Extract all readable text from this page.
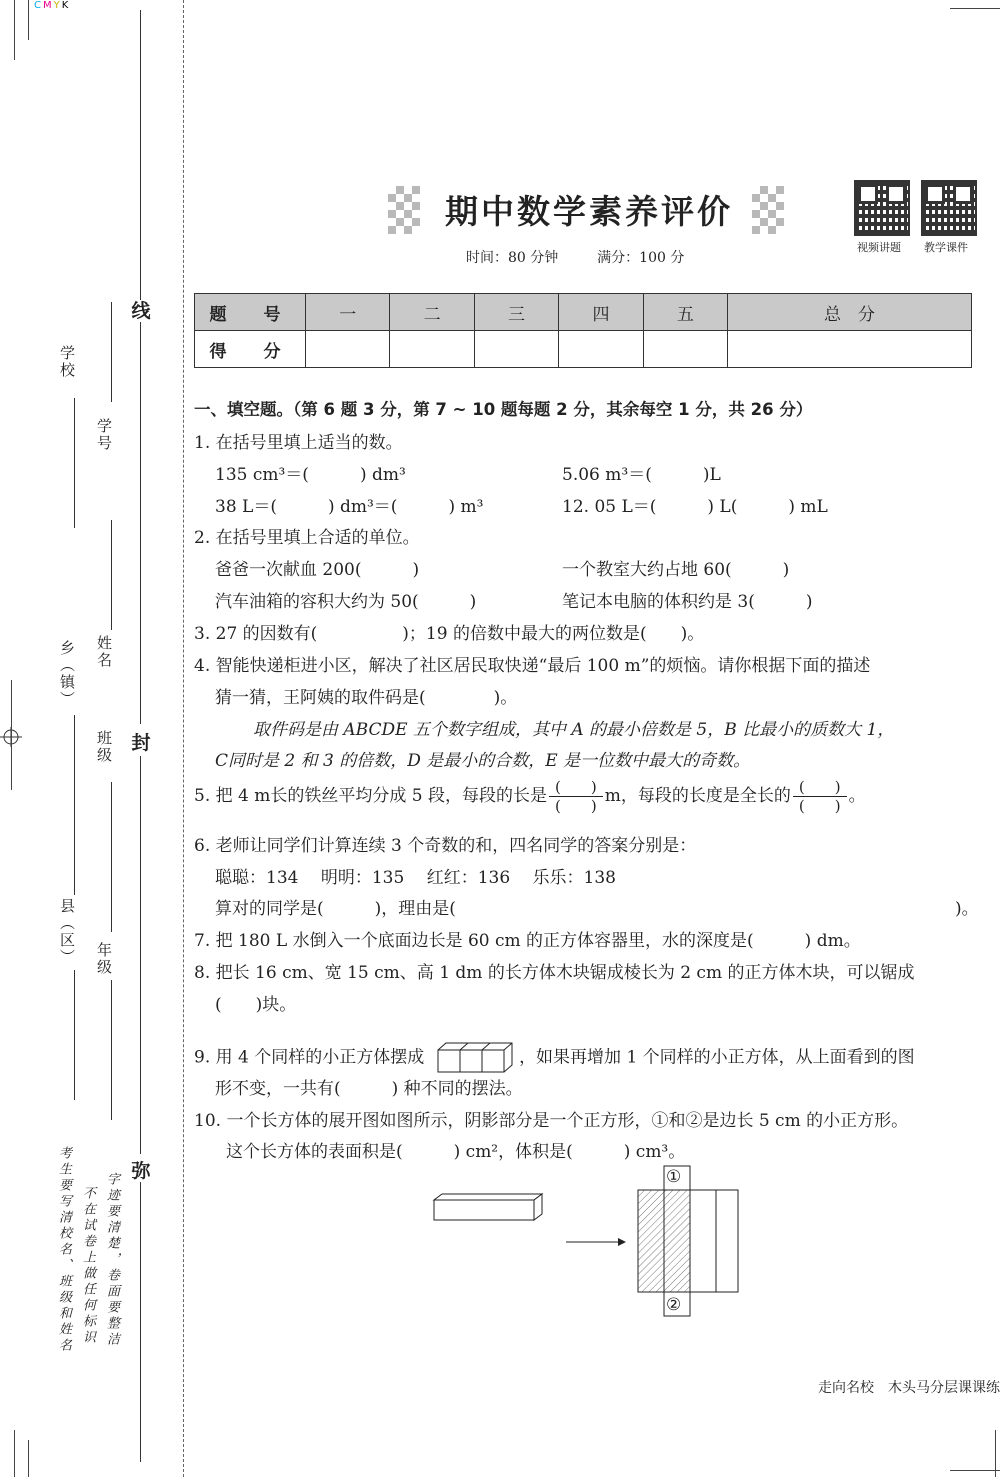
CMYK
线
封
弥
学校
学号
乡（镇） 姓名
班级
县（区） 年级
考生要写清校名、班级和姓名 不在试卷上做任何标识 字迹要清楚，卷面要整洁
期中数学素养评价
时间：80 分钟	满分：100 分
视频讲题 教学课件
题　号	一	二	三	四	五	总　分
得　分						
一、填空题。（第 6 题 3 分，第 7 ~ 10 题每题 2 分，其余每空 1 分，共 26 分）
1. 在括号里填上适当的数。
135 cm³＝(　　　) dm³	5.06 m³＝(　　　)L
38 L＝(　　　) dm³＝(　　　) m³	12. 05 L＝(　　　) L(　　　) mL
2. 在括号里填上合适的单位。
爸爸一次献血 200(　　　)	一个教室大约占地 60(　　　)
汽车油箱的容积大约为 50(　　　)	笔记本电脑的体积约是 3(　　　)
3. 27 的因数有(　　　　　)；19 的倍数中最大的两位数是(　　)。
4. 智能快递柜进小区，解决了社区居民取快递“最后 100 m”的烦恼。请你根据下面的描述
猜一猜，王阿姨的取件码是(　　　　)。
取件码是由 ABCDE 五个数字组成，其中 A 的最小倍数是 5，B 比最小的质数大 1，
C同时是 2 和 3 的倍数，D 是最小的合数，E 是一位数中最大的奇数。
5. 把 4 m长的铁丝平均分成 5 段，每段的长是 $\frac{( )}{( )}$ m，每段的长度是全长的 $\frac{( )}{( )}$ 。
6. 老师让同学们计算连续 3 个奇数的和，四名同学的答案分别是：
聪聪：134　 明明：135　 红红：136　 乐乐：138
算对的同学是(　　　)，理由是(	)。
7. 把 180 L 水倒入一个底面边长是 60 cm 的正方体容器里，水的深度是(　　　) dm。
8. 把长 16 cm、宽 15 cm、高 1 dm 的长方体木块锯成棱长为 2 cm 的正方体木块，可以锯成
(　　)块。
9. 用 4 个同样的小正方体摆成	，如果再增加 1 个同样的小正方体，从上面看到的图
形不变，一共有(　　　) 种不同的摆法。
10. 一个长方体的展开图如图所示，阴影部分是一个正方形，①和②是边长 5 cm 的小正方形。
这个长方体的表面积是(　　　) cm²，体积是(　　　) cm³。
①
②
走向名校　木头马分层课课练
